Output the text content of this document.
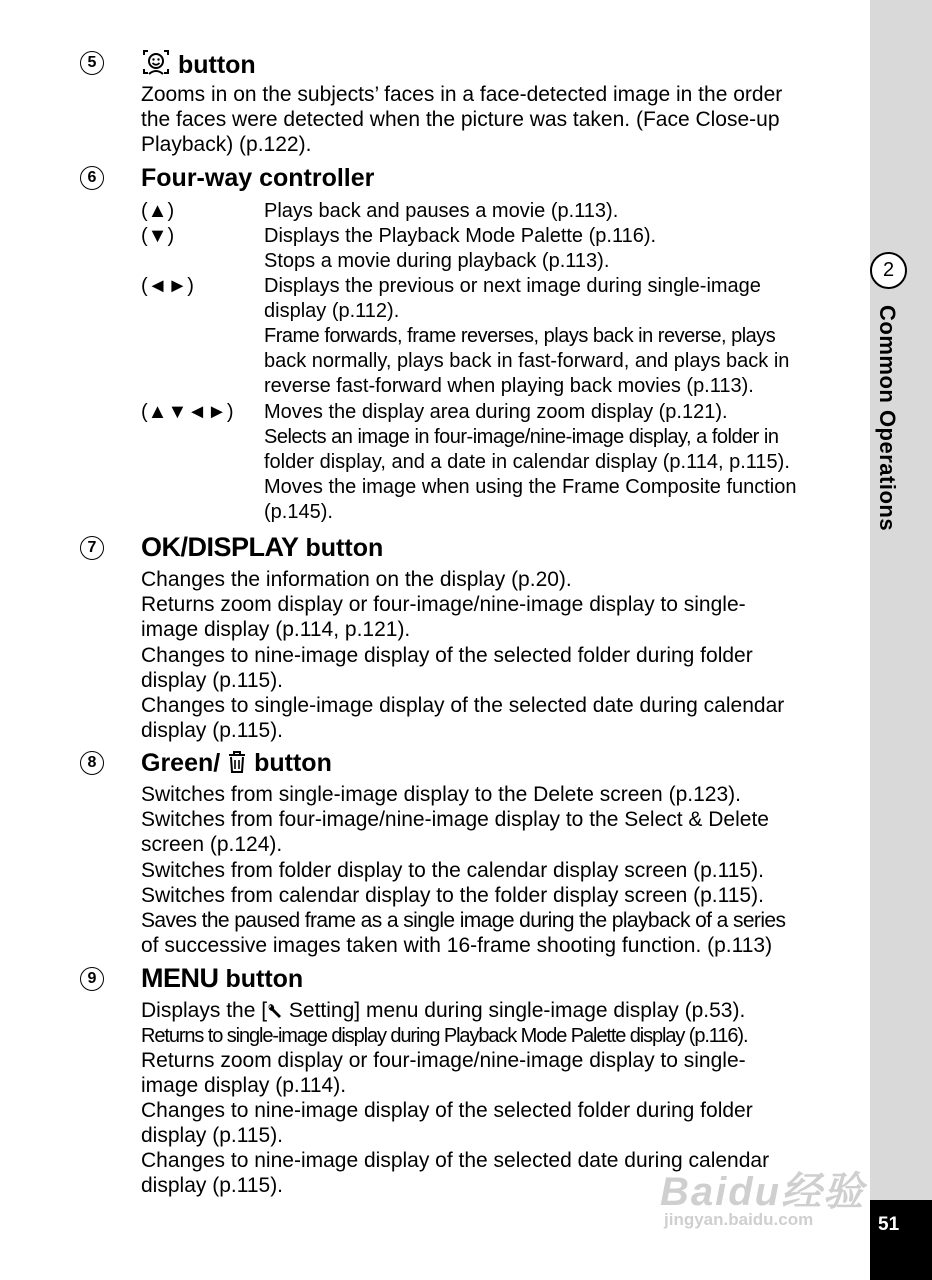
5	button
Zooms in on the subjects’ faces in a face-detected image in the order
the faces were detected when the picture was taken. (Face Close-up
Playback) (p.122).
6	Four-way controller
(▲)	Plays back and pauses a movie (p.113).
(▼)	Displays the Playback Mode Palette (p.116).
Stops a movie during playback (p.113).
(◄►)	Displays the previous or next image during single-image
display (p.112).
Frame forwards, frame reverses, plays back in reverse, plays
back normally, plays back in fast-forward, and plays back in
reverse fast-forward when playing back movies (p.113).
(▲▼◄►) Moves the display area during zoom display (p.121).
Selects an image in four-image/nine-image display, a folder in
folder display, and a date in calendar display (p.114, p.115).
Moves the image when using the Frame Composite function
(p.145).
7 OK/DISPLAY button
Changes the information on the display (p.20).
Returns zoom display or four-image/nine-image display to single-
image display (p.114, p.121).
Changes to nine-image display of the selected folder during folder
display (p.115).
Changes to single-image display of the selected date during calendar
display (p.115).
8	Green/ button
Switches from single-image display to the Delete screen (p.123).
Switches from four-image/nine-image display to the Select & Delete
screen (p.124).
Switches from folder display to the calendar display screen (p.115).
Switches from calendar display to the folder display screen (p.115).
Saves the paused frame as a single image during the playback of a series
of successive images taken with 16-frame shooting function. (p.113)
9 MENU button
Displays the [ Setting] menu during single-image display (p.53).
Returns to single-image display during Playback Mode Palette display (p.116).
Returns zoom display or four-image/nine-image display to single-
image display (p.114).
Changes to nine-image display of the selected folder during folder
display (p.115).
Changes to nine-image display of the selected date during calendar
display (p.115).	Baidu经验
jingyan.baidu.com
2
Common Operations
51
